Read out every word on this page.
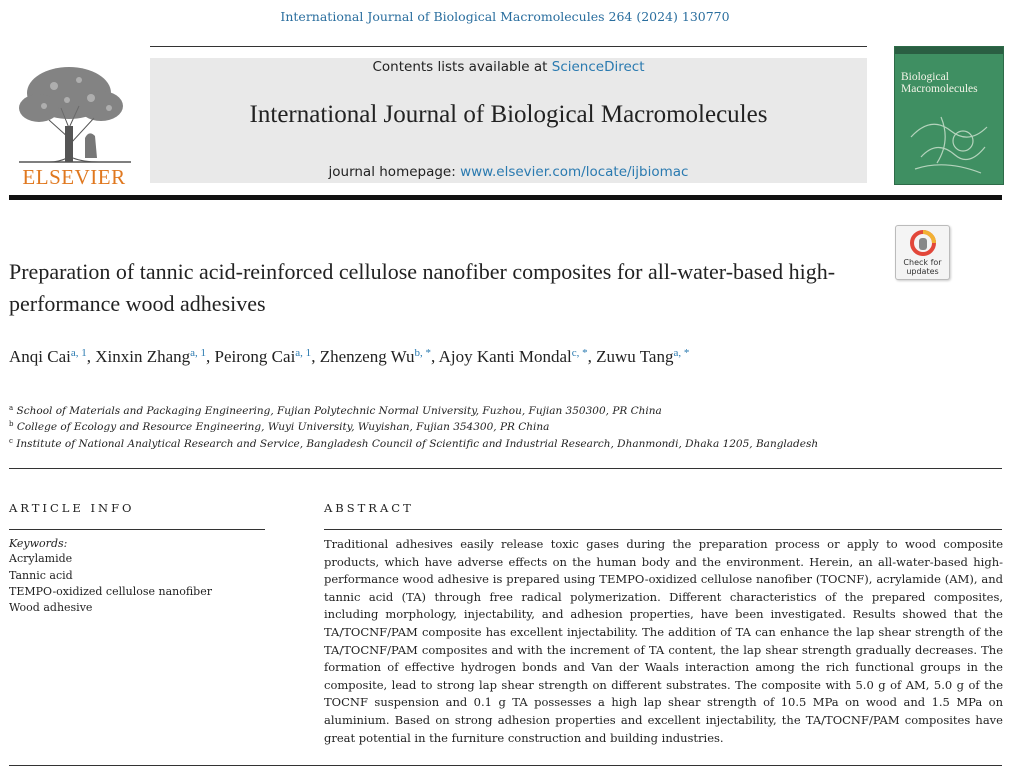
International Journal of Biological Macromolecules 264 (2024) 130770
ELSEVIER
Contents lists available at ScienceDirect
International Journal of Biological Macromolecules
journal homepage: www.elsevier.com/locate/ijbiomac
Biological Macromolecules
Check for updates
Preparation of tannic acid-reinforced cellulose nanofiber composites for all-water-based high-performance wood adhesives
Anqi Cai$^{a, 1}$, Xinxin Zhang$^{a, 1}$, Peirong Cai$^{a, 1}$, Zhenzeng $Wu^{b, *}$, Ajoy Kanti Mondal$^{c, *}$, Zuwu Tang$^{a, *}$
$^a$ School of Materials and Packaging Engineering, Fujian Polytechnic Normal University, Fuzhou, Fujian 350300, PR China
$^b$ College of Ecology and Resource Engineering, Wuyi University, Wuyishan, Fujian 354300, PR China
$^c$ Institute of National Analytical Research and Service, Bangladesh Council of Scientific and Industrial Research, Dhanmondi, Dhaka 1205, Bangladesh
ARTICLE INFO
Keywords:
Acrylamide
Tannic acid
TEMPO-oxidized cellulose nanofiber
Wood adhesive
ABSTRACT
Traditional adhesives easily release toxic gases during the preparation process or apply to wood composite products, which have adverse effects on the human body and the environment. Herein, an all-water-based high-performance wood adhesive is prepared using TEMPO-oxidized cellulose nanofiber (TOCNF), acrylamide (AM), and tannic acid (TA) through free radical polymerization. Different characteristics of the prepared composites, including morphology, injectability, and adhesion properties, have been investigated. Results showed that the TA/TOCNF/PAM composite has excellent injectability. The addition of TA can enhance the lap shear strength of the TA/TOCNF/PAM composites and with the increment of TA content, the lap shear strength gradually decreases. The formation of effective hydrogen bonds and Van der Waals interaction among the rich functional groups in the composite, lead to strong lap shear strength on different substrates. The composite with 5.0 g of AM, 5.0 g of the TOCNF suspension and 0.1 g TA possesses a high lap shear strength of 10.5 MPa on wood and 1.5 MPa on aluminium. Based on strong adhesion properties and excellent injectability, the TA/TOCNF/PAM composites have great potential in the furniture construction and building industries.
